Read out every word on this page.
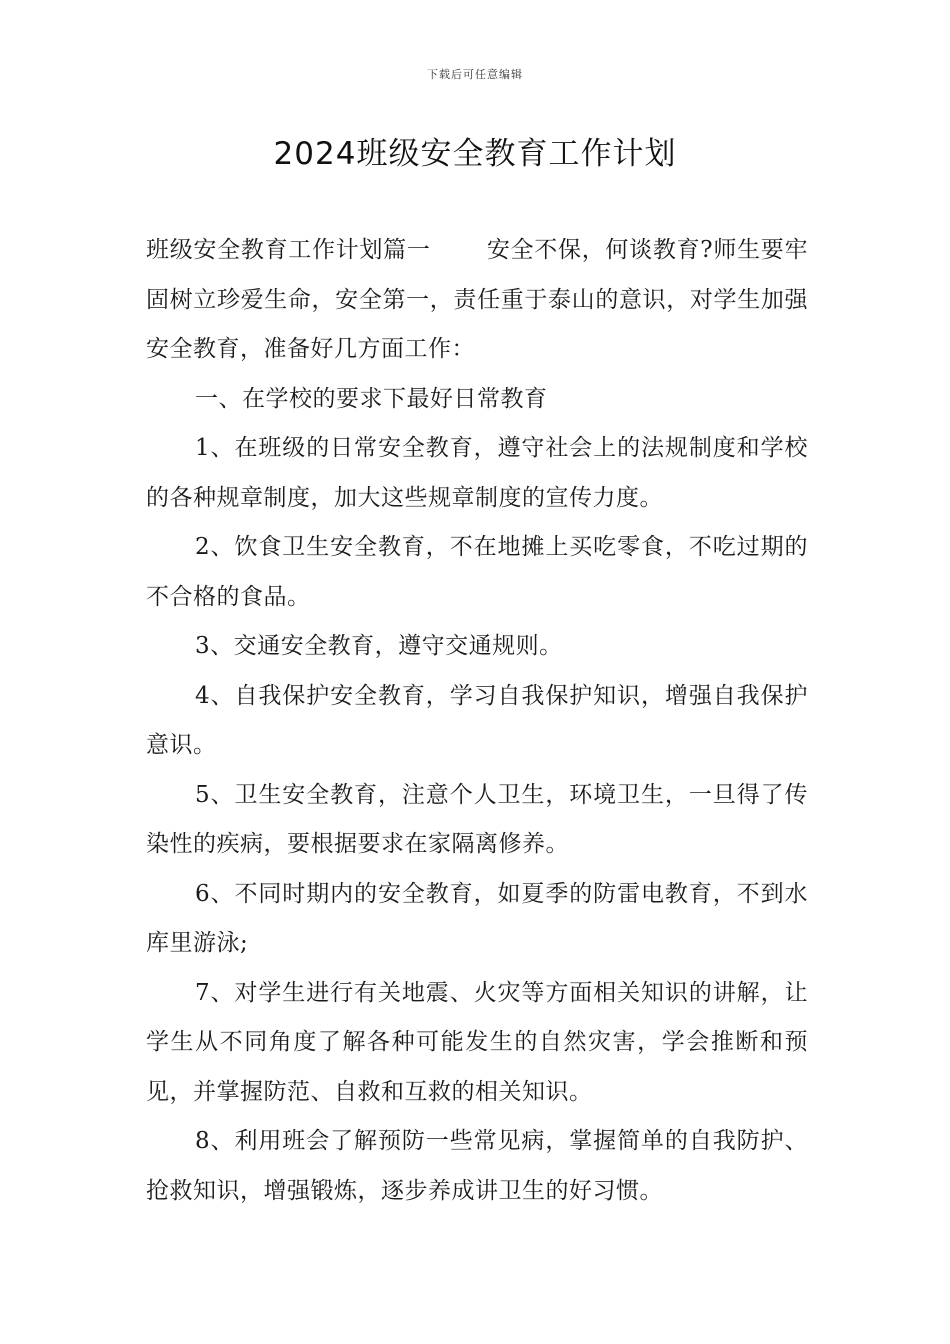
下载后可任意编辑
2024班级安全教育工作计划

班级安全教育工作计划篇一 安全不保，何谈教育?师生要牢固树立珍爱生命，安全第一，责任重于泰山的意识，对学生加强安全教育，准备好几方面工作：

一、在学校的要求下最好日常教育

1、在班级的日常安全教育，遵守社会上的法规制度和学校的各种规章制度，加大这些规章制度的宣传力度。

2、饮食卫生安全教育，不在地摊上买吃零食，不吃过期的不合格的食品。

3、交通安全教育，遵守交通规则。

4、自我保护安全教育，学习自我保护知识，增强自我保护意识。

5、卫生安全教育，注意个人卫生，环境卫生，一旦得了传染性的疾病，要根据要求在家隔离修养。

6、不同时期内的安全教育，如夏季的防雷电教育，不到水库里游泳;

7、对学生进行有关地震、火灾等方面相关知识的讲解，让学生从不同角度了解各种可能发生的自然灾害，学会推断和预见，并掌握防范、自救和互救的相关知识。

8、利用班会了解预防一些常见病，掌握简单的自我防护、抢救知识，增强锻炼，逐步养成讲卫生的好习惯。
